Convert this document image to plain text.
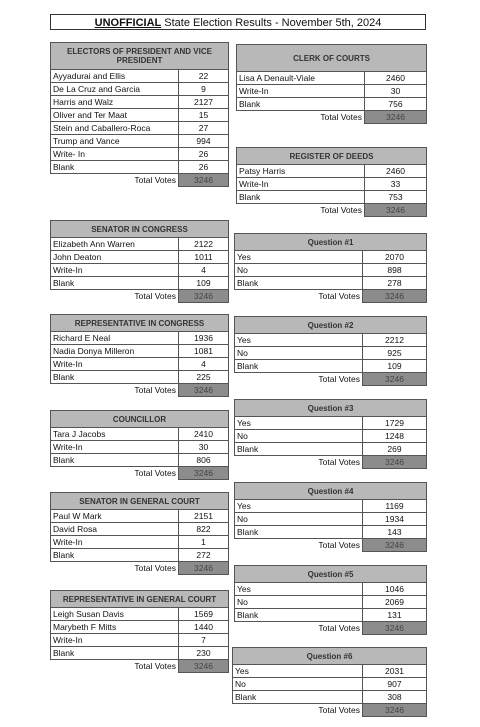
UNOFFICIAL State Election Results - November 5th, 2024
ELECTORS OF PRESIDENT AND VICE PRESIDENT	
Ayyadurai and Ellis	22
De La Cruz and Garcia	9
Harris and Walz	2127
Oliver and Ter Maat	15
Stein and Caballero-Roca	27
Trump and Vance	994
Write- In	26
Blank	26
Total Votes	3246
SENATOR IN CONGRESS	
Elizabeth Ann Warren	2122
John Deaton	1011
Write-In	4
Blank	109
Total Votes	3246
REPRESENTATIVE IN CONGRESS	
Richard E Neal	1936
Nadia Donya Milleron	1081
Write-In	4
Blank	225
Total Votes	3246
COUNCILLOR	
Tara J Jacobs	2410
Write-In	30
Blank	806
Total Votes	3246
SENATOR IN GENERAL COURT	
Paul W Mark	2151
David Rosa	822
Write-In	1
Blank	272
Total Votes	3246
REPRESENTATIVE IN GENERAL COURT	
Leigh Susan Davis	1569
Marybeth F Mitts	1440
Write-In	7
Blank	230
Total Votes	3246
CLERK OF COURTS	
Lisa A Denault-Viale	2460
Write-In	30
Blank	756
Total Votes	3246
REGISTER OF DEEDS	
Patsy Harris	2460
Write-In	33
Blank	753
Total Votes	3246
Question #1	
Yes	2070
No	898
Blank	278
Total Votes	3246
Question #2	
Yes	2212
No	925
Blank	109
Total Votes	3246
Question #3	
Yes	1729
No	1248
Blank	269
Total Votes	3246
Question #4	
Yes	1169
No	1934
Blank	143
Total Votes	3246
Question #5	
Yes	1046
No	2069
Blank	131
Total Votes	3246
Question #6	
Yes	2031
No	907
Blank	308
Total Votes	3246
